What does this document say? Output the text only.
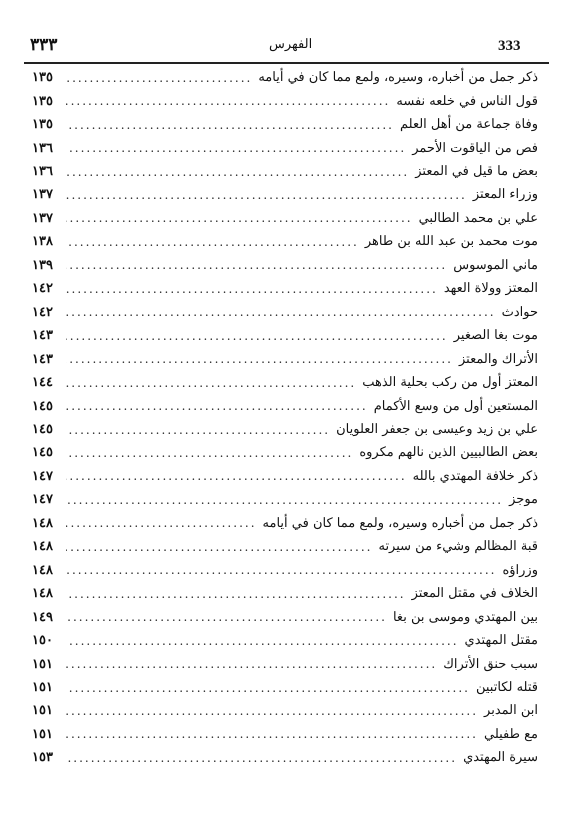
333
الفهرس
٣٣٣
ذكر جمل من أخباره، وسيره، ولمع مما كان في أيامه
.....
١٣٥
قول الناس في خلعه نفسه
.....
١٣٥
وفاة جماعة من أهل العلم
.....
١٣٥
فص من الياقوت الأحمر
.....
١٣٦
بعض ما قيل في المعتز
.....
١٣٦
وزراء المعتز
.....
١٣٧
علي بن محمد الطالبي
.....
١٣٧
موت محمد بن عبد الله بن طاهر
.....
١٣٨
ماني الموسوس
.....
١٣٩
المعتز وولاة العهد
.....
١٤٢
حوادث
.....
١٤٢
موت بغا الصغير
.....
١٤٣
الأتراك والمعتز
.....
١٤٣
المعتز أول من ركب بحلية الذهب
.....
١٤٤
المستعين أول من وسع الأكمام
.....
١٤٥
علي بن زيد وعيسى بن جعفر العلويان
.....
١٤٥
بعض الطالبيين الذين نالهم مكروه
.....
١٤٥
ذكر خلافة المهتدي بالله
.....
١٤٧
موجز
.....
١٤٧
ذكر جمل من أخباره وسيره، ولمع مما كان في أيامه
.....
١٤٨
قبة المظالم وشيء من سيرته
.....
١٤٨
وزراؤه
.....
١٤٨
الخلاف في مقتل المعتز
.....
١٤٨
بين المهتدي وموسى بن بغا
.....
١٤٩
مقتل المهتدي
.....
١٥٠
سبب حنق الأتراك
.....
١٥١
قتله لكاتبين
.....
١٥١
ابن المدبر
.....
١٥١
مع طفيلي
.....
١٥١
سيرة المهتدي
.....
١٥٣
